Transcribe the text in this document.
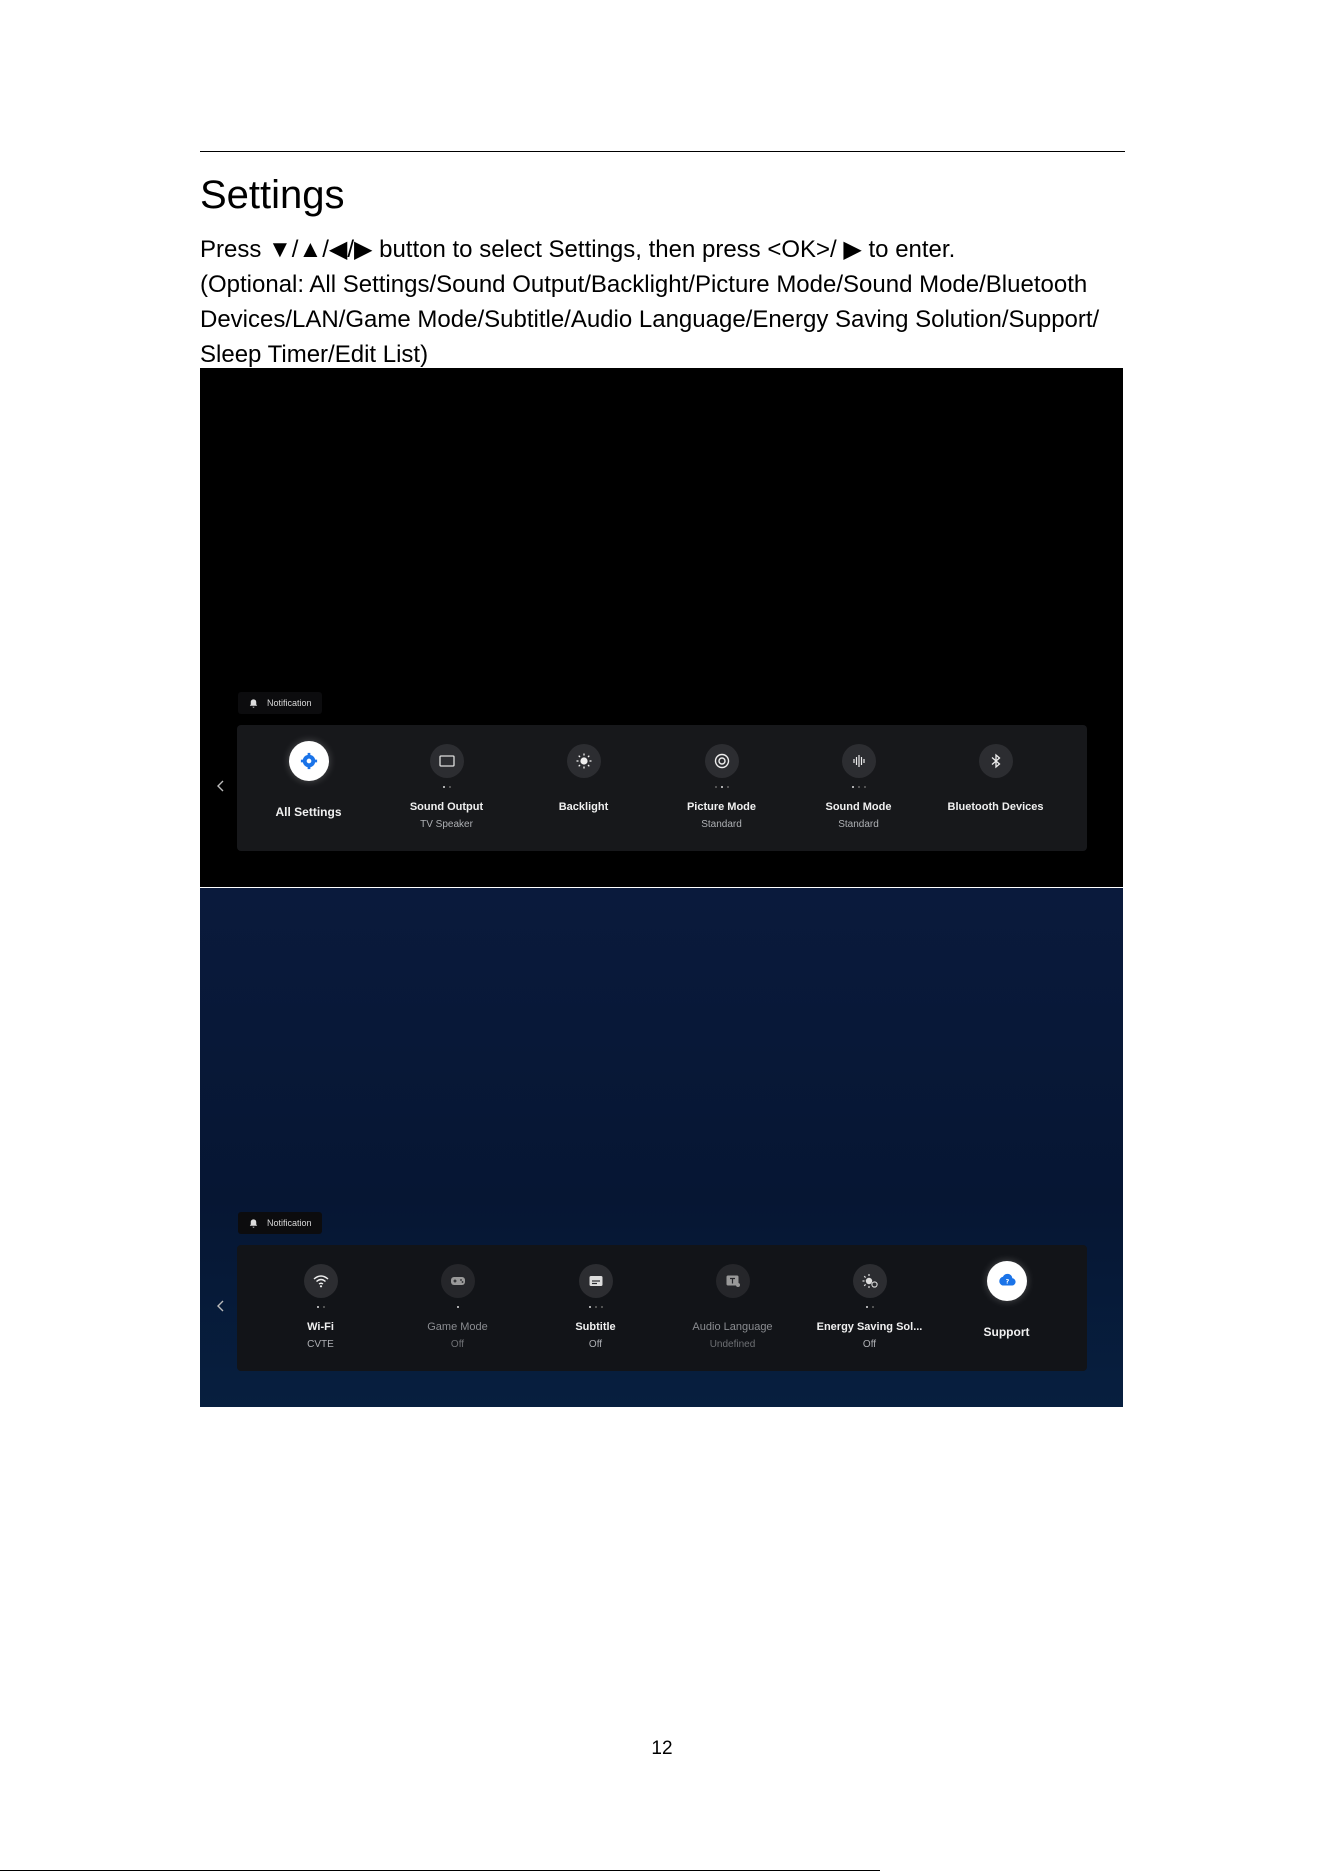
Settings
Press ▼/▲/◀/▶ button to select Settings, then press <OK>/ ▶ to enter.
(Optional: All Settings/Sound Output/Backlight/Picture Mode/Sound Mode/Bluetooth
Devices/LAN/Game Mode/Subtitle/Audio Language/Energy Saving Solution/Support/
Sleep Timer/Edit List)
Notification
All Settings	Sound Output
TV Speaker
Backlight	Picture Mode
Standard
Sound Mode
Standard
Bluetooth Devices
Notification
Wi-Fi
CVTE
Game Mode
Off
Subtitle
Off
Audio Language
Undefined
Energy Saving Sol...
Off
?
Support
12
